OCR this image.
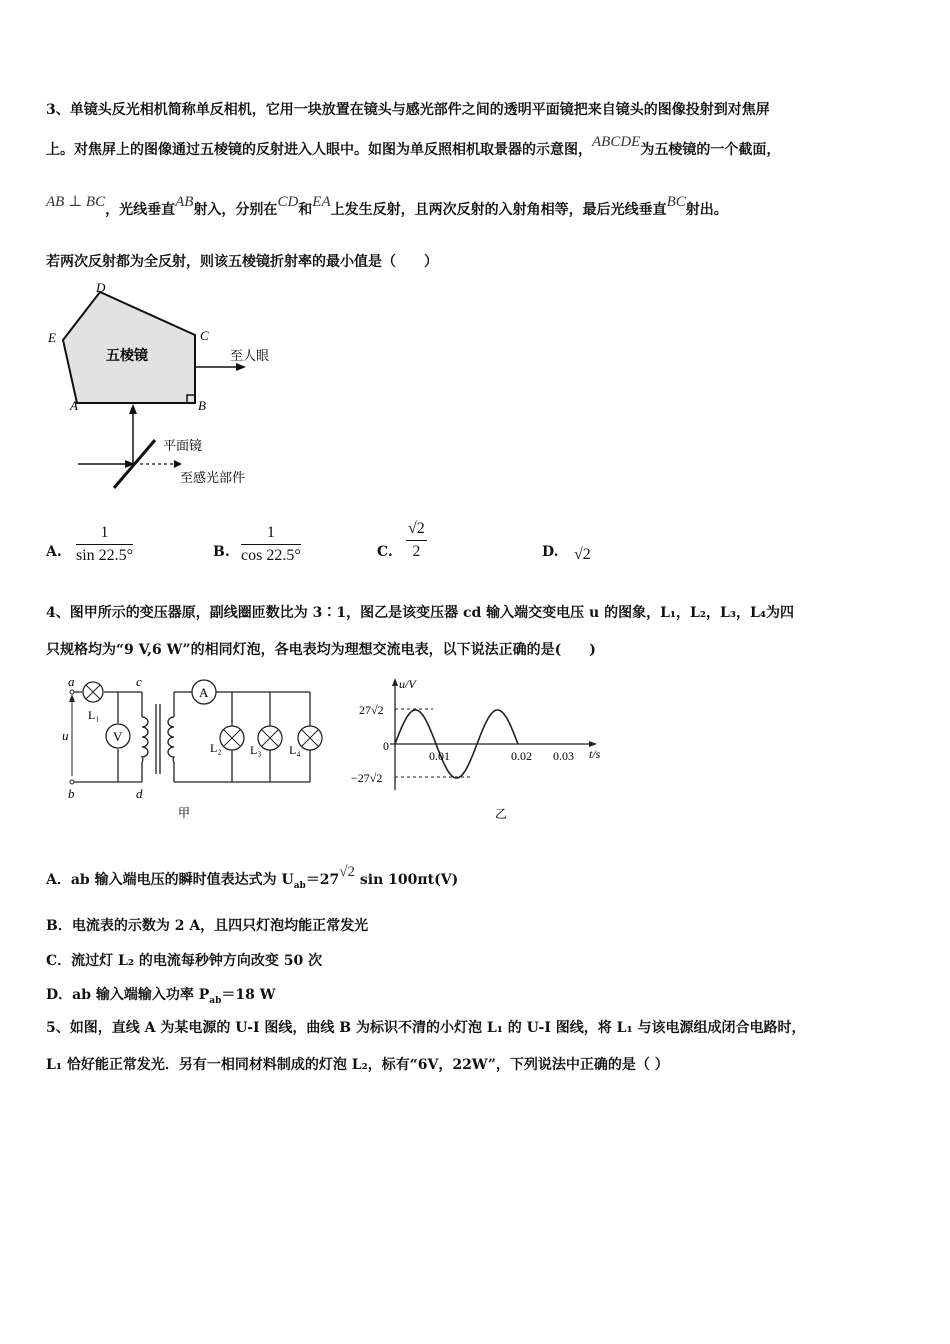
3、单镜头反光相机简称单反相机，它用一块放置在镜头与感光部件之间的透明平面镜把来自镜头的图像投射到对焦屏
上。对焦屏上的图像通过五棱镜的反射进入人眼中。如图为单反照相机取景器的示意图，ABCDE为五棱镜的一个截面，
AB ⊥ BC，光线垂直AB射入，分别在CD和EA上发生反射，且两次反射的入射角相等，最后光线垂直BC射出。
若两次反射都为全反射，则该五棱镜折射率的最小值是（　　）
D
E	C
A	B
五棱镜	至人眼
平面镜
至感光部件
A. $\frac{1}{\sin 22.5^\circ}$	B. $\frac{1}{\cos 22.5^\circ}$	C. $\frac{√2}{2}$	D. √2
4、图甲所示的变压器原，副线圈匝数比为 3∶1，图乙是该变压器 cd 输入端交变电压 u 的图象，L₁，L₂，L₃，L₄为四
只规格均为“9 V,6 W”的相同灯泡，各电表均为理想交流电表，以下说法正确的是(　　)
V
A
a
b
c
d
u
L₁
L₂ L₃ L₄
甲
u/V
t/s
27√2
−27√2
0
0.01	0.02 0.03
乙
A．ab 输入端电压的瞬时值表达式为 $U_{ab}=27√2$ sin 100πt(V)
B．电流表的示数为 2 A，且四只灯泡均能正常发光
C．流过灯 L₂ 的电流每秒钟方向改变 50 次
D．ab 输入端输入功率 $P_{ab}=18$ W
5、如图，直线 A 为某电源的 U-I 图线，曲线 B 为标识不清的小灯泡 L₁ 的 U-I 图线，将 L₁ 与该电源组成闭合电路时，
L₁ 恰好能正常发光．另有一相同材料制成的灯泡 L₂，标有“6V，22W”，下列说法中正确的是（ ）
